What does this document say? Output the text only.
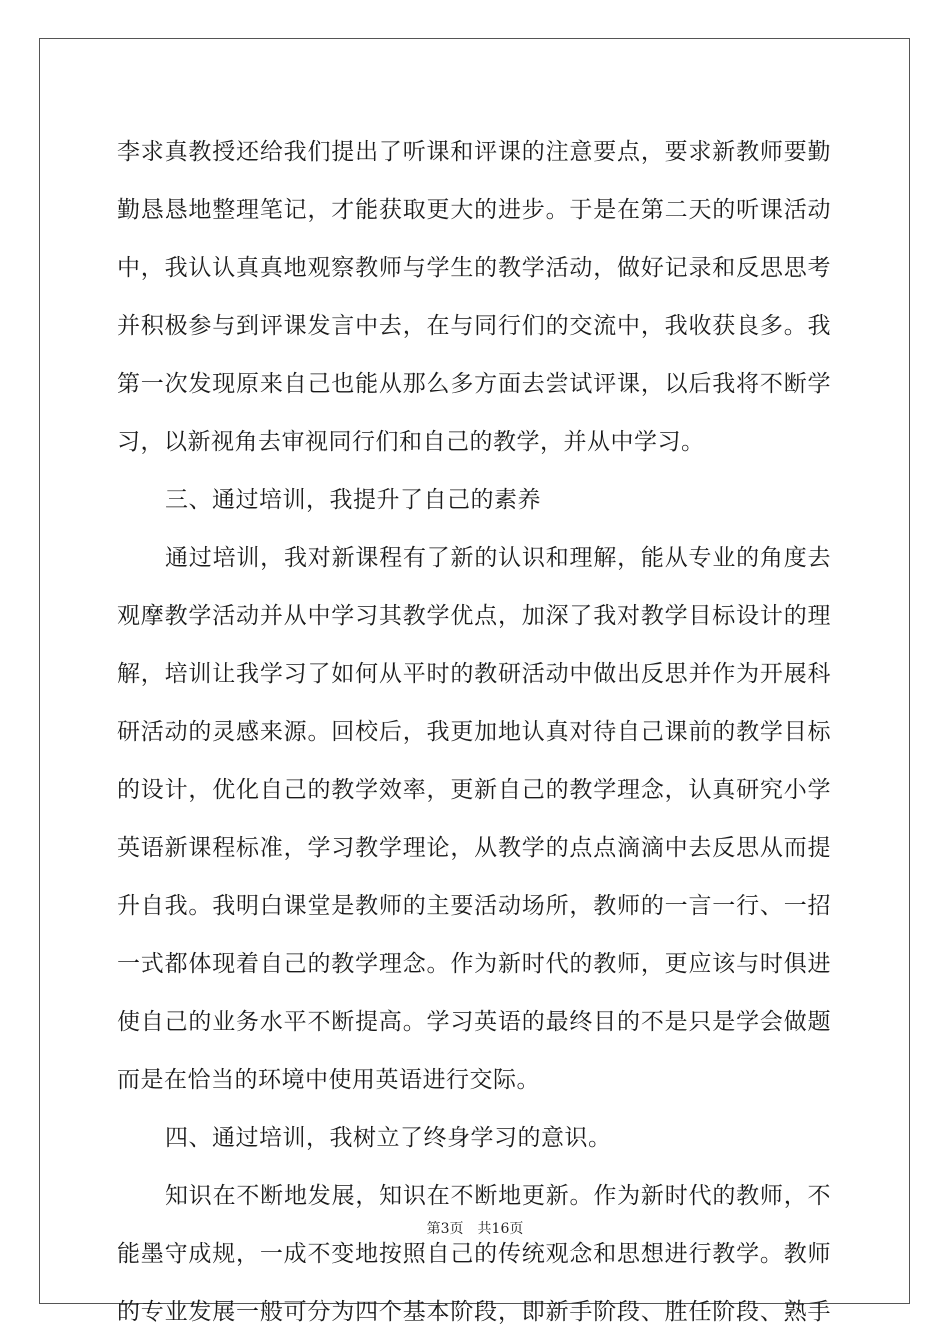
李求真教授还给我们提出了听课和评课的注意要点，要求新教师要勤
勤恳恳地整理笔记，才能获取更大的进步。于是在第二天的听课活动
中，我认认真真地观察教师与学生的教学活动，做好记录和反思思考
并积极参与到评课发言中去，在与同行们的交流中，我收获良多。我
第一次发现原来自己也能从那么多方面去尝试评课，以后我将不断学
习，以新视角去审视同行们和自己的教学，并从中学习。
三、通过培训，我提升了自己的素养
通过培训，我对新课程有了新的认识和理解，能从专业的角度去
观摩教学活动并从中学习其教学优点，加深了我对教学目标设计的理
解，培训让我学习了如何从平时的教研活动中做出反思并作为开展科
研活动的灵感来源。回校后，我更加地认真对待自己课前的教学目标
的设计，优化自己的教学效率，更新自己的教学理念，认真研究小学
英语新课程标准，学习教学理论，从教学的点点滴滴中去反思从而提
升自我。我明白课堂是教师的主要活动场所，教师的一言一行、一招
一式都体现着自己的教学理念。作为新时代的教师，更应该与时俱进
使自己的业务水平不断提高。学习英语的最终目的不是只是学会做题
而是在恰当的环境中使用英语进行交际。
四、通过培训，我树立了终身学习的意识。
知识在不断地发展，知识在不断地更新。作为新时代的教师，不
能墨守成规，一成不变地按照自己的传统观念和思想进行教学。教师
的专业发展一般可分为四个基本阶段，即新手阶段、胜任阶段、熟手
第3页 共16页
